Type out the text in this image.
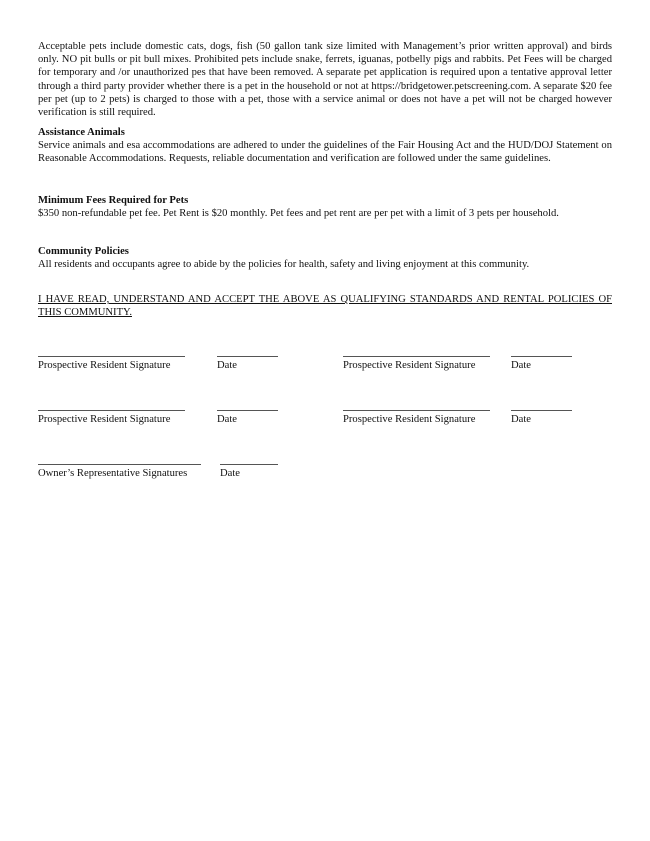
Acceptable pets include domestic cats, dogs, fish (50 gallon tank size limited with Management’s prior written approval) and birds only. NO pit bulls or pit bull mixes. Prohibited pets include snake, ferrets, iguanas, potbelly pigs and rabbits. Pet Fees will be charged for temporary and /or unauthorized pes that have been removed. A separate pet application is required upon a tentative approval letter through a third party provider whether there is a pet in the household or not at https://bridgetower.petscreening.com. A separate $20 fee per pet (up to 2 pets) is charged to those with a pet, those with a service animal or does not have a pet will not be charged however verification is still required.
Assistance Animals
Service animals and esa accommodations are adhered to under the guidelines of the Fair Housing Act and the HUD/DOJ Statement on Reasonable Accommodations. Requests, reliable documentation and verification are followed under the same guidelines.
Minimum Fees Required for Pets
$350 non-refundable pet fee. Pet Rent is $20 monthly. Pet fees and pet rent are per pet with a limit of 3 pets per household.
Community Policies
All residents and occupants agree to abide by the policies for health, safety and living enjoyment at this community.
I HAVE READ, UNDERSTAND AND ACCEPT THE ABOVE AS QUALIFYING STANDARDS AND RENTAL POLICIES OF THIS COMMUNITY.
Prospective Resident Signature	Date	Prospective Resident Signature	Date
Prospective Resident Signature	Date	Prospective Resident Signature	Date
Owner’s Representative Signatures	Date
